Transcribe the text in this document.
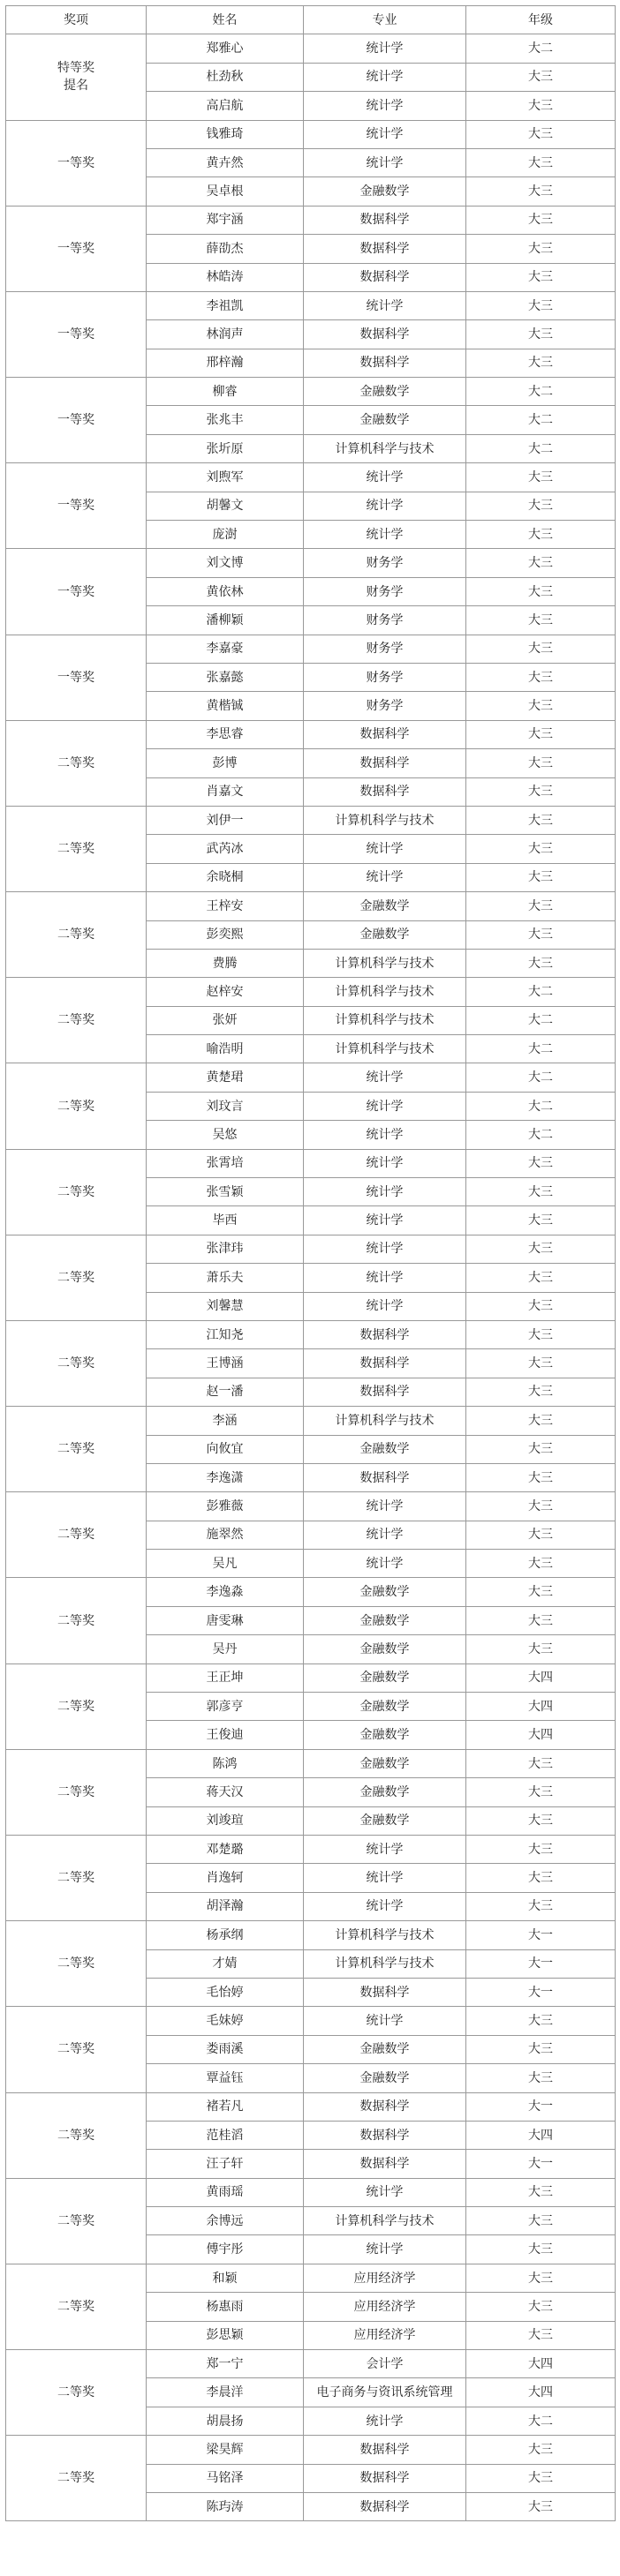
奖项	姓名	专业	年级
特等奖
提名	郑雅心	统计学	大二
	杜劲秋	统计学	大三
	高启航	统计学	大三
一等奖	钱雅琦	统计学	大三
	黄卉然	统计学	大三
	吴卓根	金融数学	大三
一等奖	郑宇涵	数据科学	大三
	薛劭杰	数据科学	大三
	林皓涛	数据科学	大三
一等奖	李祖凯	统计学	大三
	林润声	数据科学	大三
	邢梓瀚	数据科学	大三
一等奖	柳睿	金融数学	大二
	张兆丰	金融数学	大二
	张圻原	计算机科学与技术	大二
一等奖	刘煦军	统计学	大三
	胡馨文	统计学	大三
	庞澍	统计学	大三
一等奖	刘文博	财务学	大三
	黄依林	财务学	大三
	潘柳颖	财务学	大三
一等奖	李嘉豪	财务学	大三
	张嘉懿	财务学	大三
	黄楷铖	财务学	大三
二等奖	李思睿	数据科学	大三
	彭博	数据科学	大三
	肖嘉文	数据科学	大三
二等奖	刘伊一	计算机科学与技术	大三
	武芮冰	统计学	大三
	余晓桐	统计学	大三
二等奖	王梓安	金融数学	大三
	彭奕熙	金融数学	大三
	费腾	计算机科学与技术	大三
二等奖	赵梓安	计算机科学与技术	大二
	张妍	计算机科学与技术	大二
	喻浩明	计算机科学与技术	大二
二等奖	黄楚珺	统计学	大二
	刘玟言	统计学	大二
	吴悠	统计学	大二
二等奖	张霄培	统计学	大三
	张雪颖	统计学	大三
	毕西	统计学	大三
二等奖	张津玮	统计学	大三
	萧乐夫	统计学	大三
	刘馨慧	统计学	大三
二等奖	江知尧	数据科学	大三
	王博涵	数据科学	大三
	赵一潘	数据科学	大三
二等奖	李涵	计算机科学与技术	大三
	向攸宜	金融数学	大三
	李逸潇	数据科学	大三
二等奖	彭雅薇	统计学	大三
	施翠然	统计学	大三
	吴凡	统计学	大三
二等奖	李逸淼	金融数学	大三
	唐雯琳	金融数学	大三
	吴丹	金融数学	大三
二等奖	王正坤	金融数学	大四
	郭彦亨	金融数学	大四
	王俊迪	金融数学	大四
二等奖	陈鸿	金融数学	大三
	蒋天汉	金融数学	大三
	刘竣瑄	金融数学	大三
二等奖	邓楚璐	统计学	大三
	肖逸轲	统计学	大三
	胡泽瀚	统计学	大三
二等奖	杨承纲	计算机科学与技术	大一
	才婧	计算机科学与技术	大一
	毛怡婷	数据科学	大一
二等奖	毛妹婷	统计学	大三
	娄雨溪	金融数学	大三
	覃益钰	金融数学	大三
二等奖	褚若凡	数据科学	大一
	范桂滔	数据科学	大四
	汪子轩	数据科学	大一
二等奖	黄雨瑶	统计学	大三
	余博远	计算机科学与技术	大三
	傅宇彤	统计学	大三
二等奖	和颖	应用经济学	大三
	杨惠雨	应用经济学	大三
	彭思颖	应用经济学	大三
二等奖	郑一宁	会计学	大四
	李晨洋	电子商务与资讯系统管理	大四
	胡晨扬	统计学	大二
二等奖	梁昊辉	数据科学	大三
	马铭泽	数据科学	大三
	陈玙涛	数据科学	大三
